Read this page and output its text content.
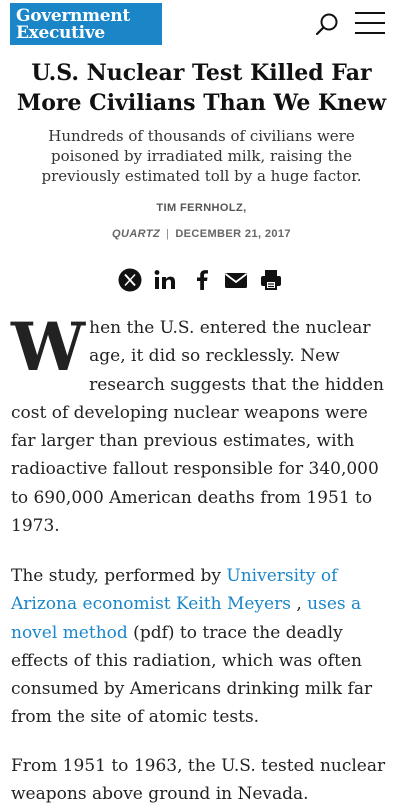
Government
Executive
U.S. Nuclear Test Killed Far More Civilians Than We Knew

Hundreds of thousands of civilians were poisoned by irradiated milk, raising the previously estimated toll by a huge factor.

TIM FERNHOLZ,
QUARTZ | DECEMBER 21, 2017
When the U.S. entered the nuclear age, it did so recklessly. New research suggests that the hidden cost of developing nuclear weapons were far larger than previous estimates, with radioactive fallout responsible for 340,000 to 690,000 American deaths from 1951 to 1973.
The study, performed by University of Arizona economist Keith Meyers , uses a novel method (pdf) to trace the deadly effects of this radiation, which was often consumed by Americans drinking milk far from the site of atomic tests.
From 1951 to 1963, the U.S. tested nuclear weapons above ground in Nevada.
